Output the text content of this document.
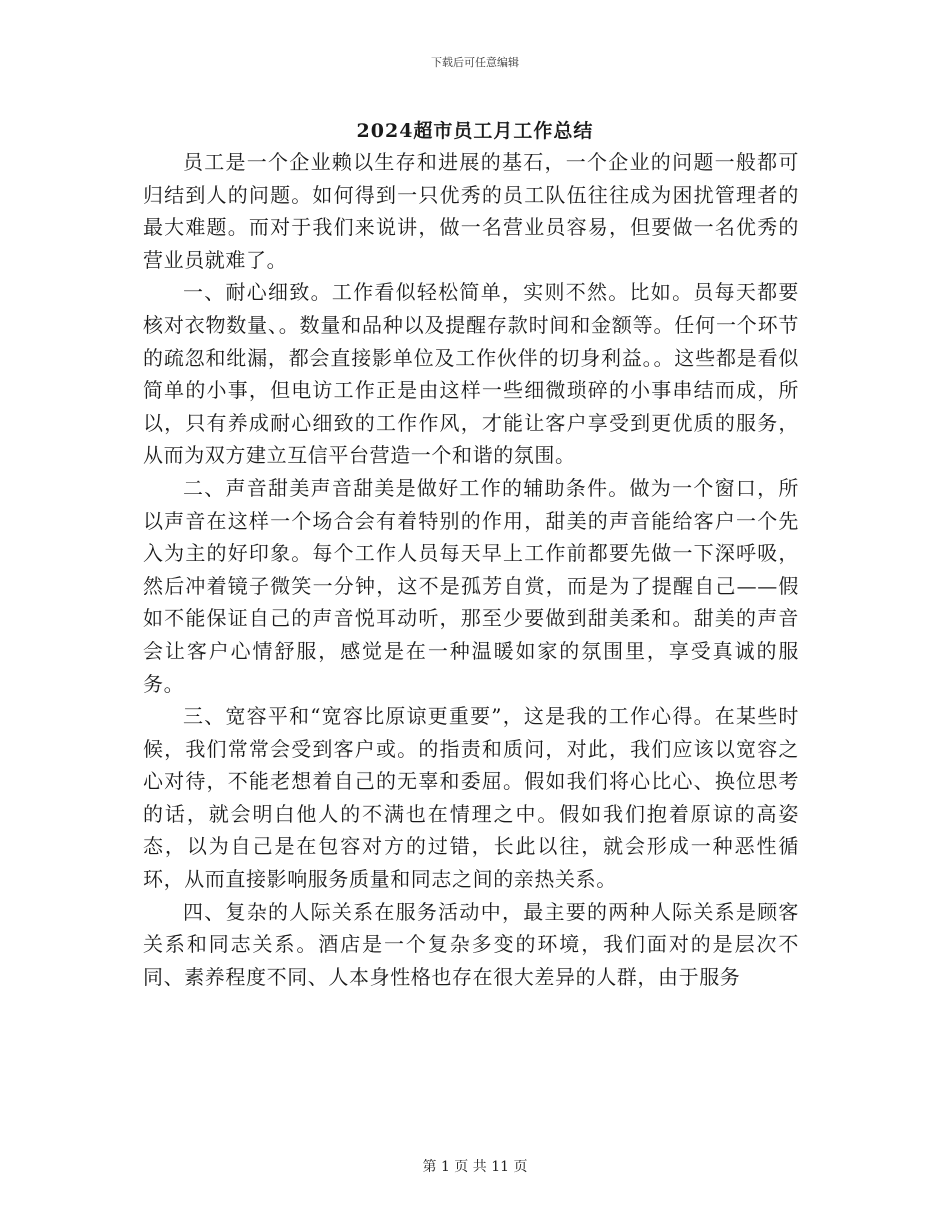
下载后可任意编辑
2024超市员工月工作总结

员工是一个企业赖以生存和进展的基石，一个企业的问题一般都可归结到人的问题。如何得到一只优秀的员工队伍往往成为困扰管理者的最大难题。而对于我们来说讲，做一名营业员容易，但要做一名优秀的营业员就难了。

一、耐心细致。工作看似轻松简单，实则不然。比如。员每天都要核对衣物数量、。数量和品种以及提醒存款时间和金额等。任何一个环节的疏忽和纰漏，都会直接影单位及工作伙伴的切身利益。。这些都是看似简单的小事，但电访工作正是由这样一些细微琐碎的小事串结而成，所以，只有养成耐心细致的工作作风，才能让客户享受到更优质的服务，从而为双方建立互信平台营造一个和谐的氛围。

二、声音甜美声音甜美是做好工作的辅助条件。做为一个窗口，所以声音在这样一个场合会有着特别的作用，甜美的声音能给客户一个先入为主的好印象。每个工作人员每天早上工作前都要先做一下深呼吸，然后冲着镜子微笑一分钟，这不是孤芳自赏，而是为了提醒自己——假如不能保证自己的声音悦耳动听，那至少要做到甜美柔和。甜美的声音会让客户心情舒服，感觉是在一种温暖如家的氛围里，享受真诚的服务。

三、宽容平和“宽容比原谅更重要”，这是我的工作心得。在某些时候，我们常常会受到客户或。的指责和质问，对此，我们应该以宽容之心对待，不能老想着自己的无辜和委屈。假如我们将心比心、换位思考的话，就会明白他人的不满也在情理之中。假如我们抱着原谅的高姿态，以为自己是在包容对方的过错，长此以往，就会形成一种恶性循环，从而直接影响服务质量和同志之间的亲热关系。

四、复杂的人际关系在服务活动中，最主要的两种人际关系是顾客关系和同志关系。酒店是一个复杂多变的环境，我们面对的是层次不同、素养程度不同、人本身性格也存在很大差异的人群，由于服务

第 1 页 共 11 页
